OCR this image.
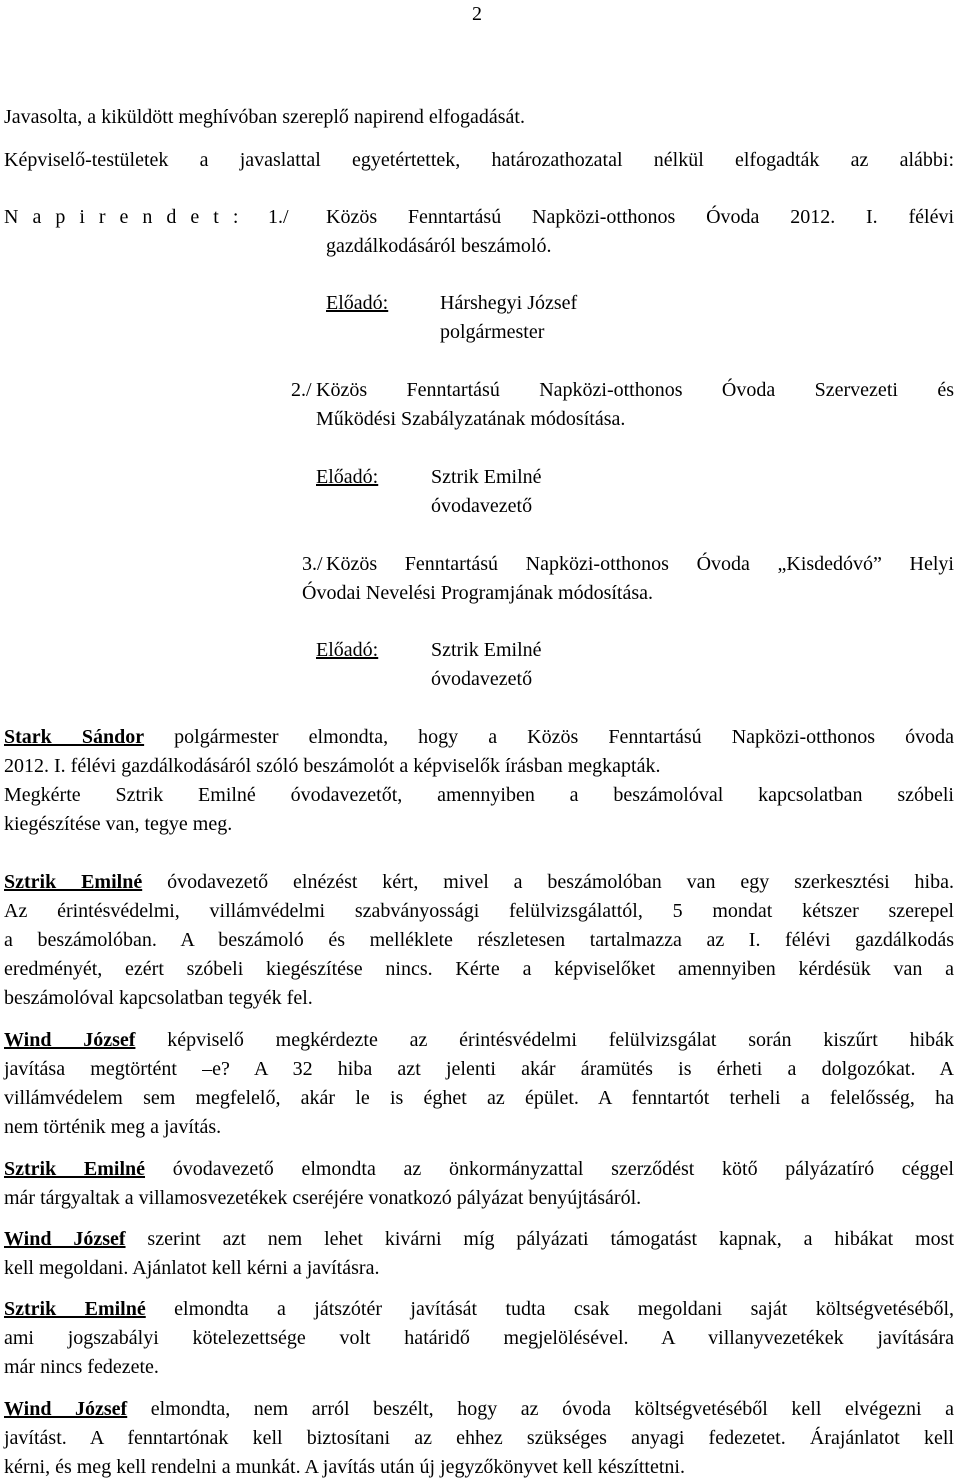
2
Javasolta, a kiküldött meghívóban szereplő napirend elfogadását.
Képviselő-testületek a javaslattal egyetértettek, határozathozatal nélkül elfogadták az alábbi:
N a p i r e n d e t : 1./ Közös Fenntartású Napközi-otthonos Óvoda 2012. I. félévi
gazdálkodásáról beszámoló.
Előadó:	Hárshegyi József
polgármester
2./ Közös Fenntartású Napközi-otthonos Óvoda Szervezeti és
Működési Szabályzatának módosítása.
Előadó:	Sztrik Emilné
óvodavezető
3./ Közös Fenntartású Napközi-otthonos Óvoda „Kisdedóvó” Helyi
Óvodai Nevelési Programjának módosítása.
Előadó:	Sztrik Emilné
óvodavezető
Stark Sándor polgármester elmondta, hogy a Közös Fenntartású Napközi-otthonos óvoda
2012. I. félévi gazdálkodásáról szóló beszámolót a képviselők írásban megkapták.
Megkérte Sztrik Emilné óvodavezetőt, amennyiben a beszámolóval kapcsolatban szóbeli
kiegészítése van, tegye meg.
Sztrik Emilné óvodavezető elnézést kért, mivel a beszámolóban van egy szerkesztési hiba.
Az érintésvédelmi, villámvédelmi szabványossági felülvizsgálattól, 5 mondat kétszer szerepel
a beszámolóban. A beszámoló és melléklete részletesen tartalmazza az I. félévi gazdálkodás
eredményét, ezért szóbeli kiegészítése nincs. Kérte a képviselőket amennyiben kérdésük van a
beszámolóval kapcsolatban tegyék fel.
Wind József képviselő megkérdezte az érintésvédelmi felülvizsgálat során kiszűrt hibák
javítása megtörtént –e? A 32 hiba azt jelenti akár áramütés is érheti a dolgozókat. A
villámvédelem sem megfelelő, akár le is éghet az épület. A fenntartót terheli a felelősség, ha
nem történik meg a javítás.
Sztrik Emilné óvodavezető elmondta az önkormányzattal szerződést kötő pályázatíró céggel
már tárgyaltak a villamosvezetékek cseréjére vonatkozó pályázat benyújtásáról.
Wind József szerint azt nem lehet kivárni míg pályázati támogatást kapnak, a hibákat most
kell megoldani. Ajánlatot kell kérni a javításra.
Sztrik Emilné elmondta a játszótér javítását tudta csak megoldani saját költségvetéséből,
ami jogszabályi kötelezettsége volt határidő megjelölésével. A villanyvezetékek javítására
már nincs fedezete.
Wind József elmondta, nem arról beszélt, hogy az óvoda költségvetéséből kell elvégezni a
javítást. A fenntartónak kell biztosítani az ehhez szükséges anyagi fedezetet. Árajánlatot kell
kérni, és meg kell rendelni a munkát. A javítás után új jegyzőkönyvet kell készíttetni.
